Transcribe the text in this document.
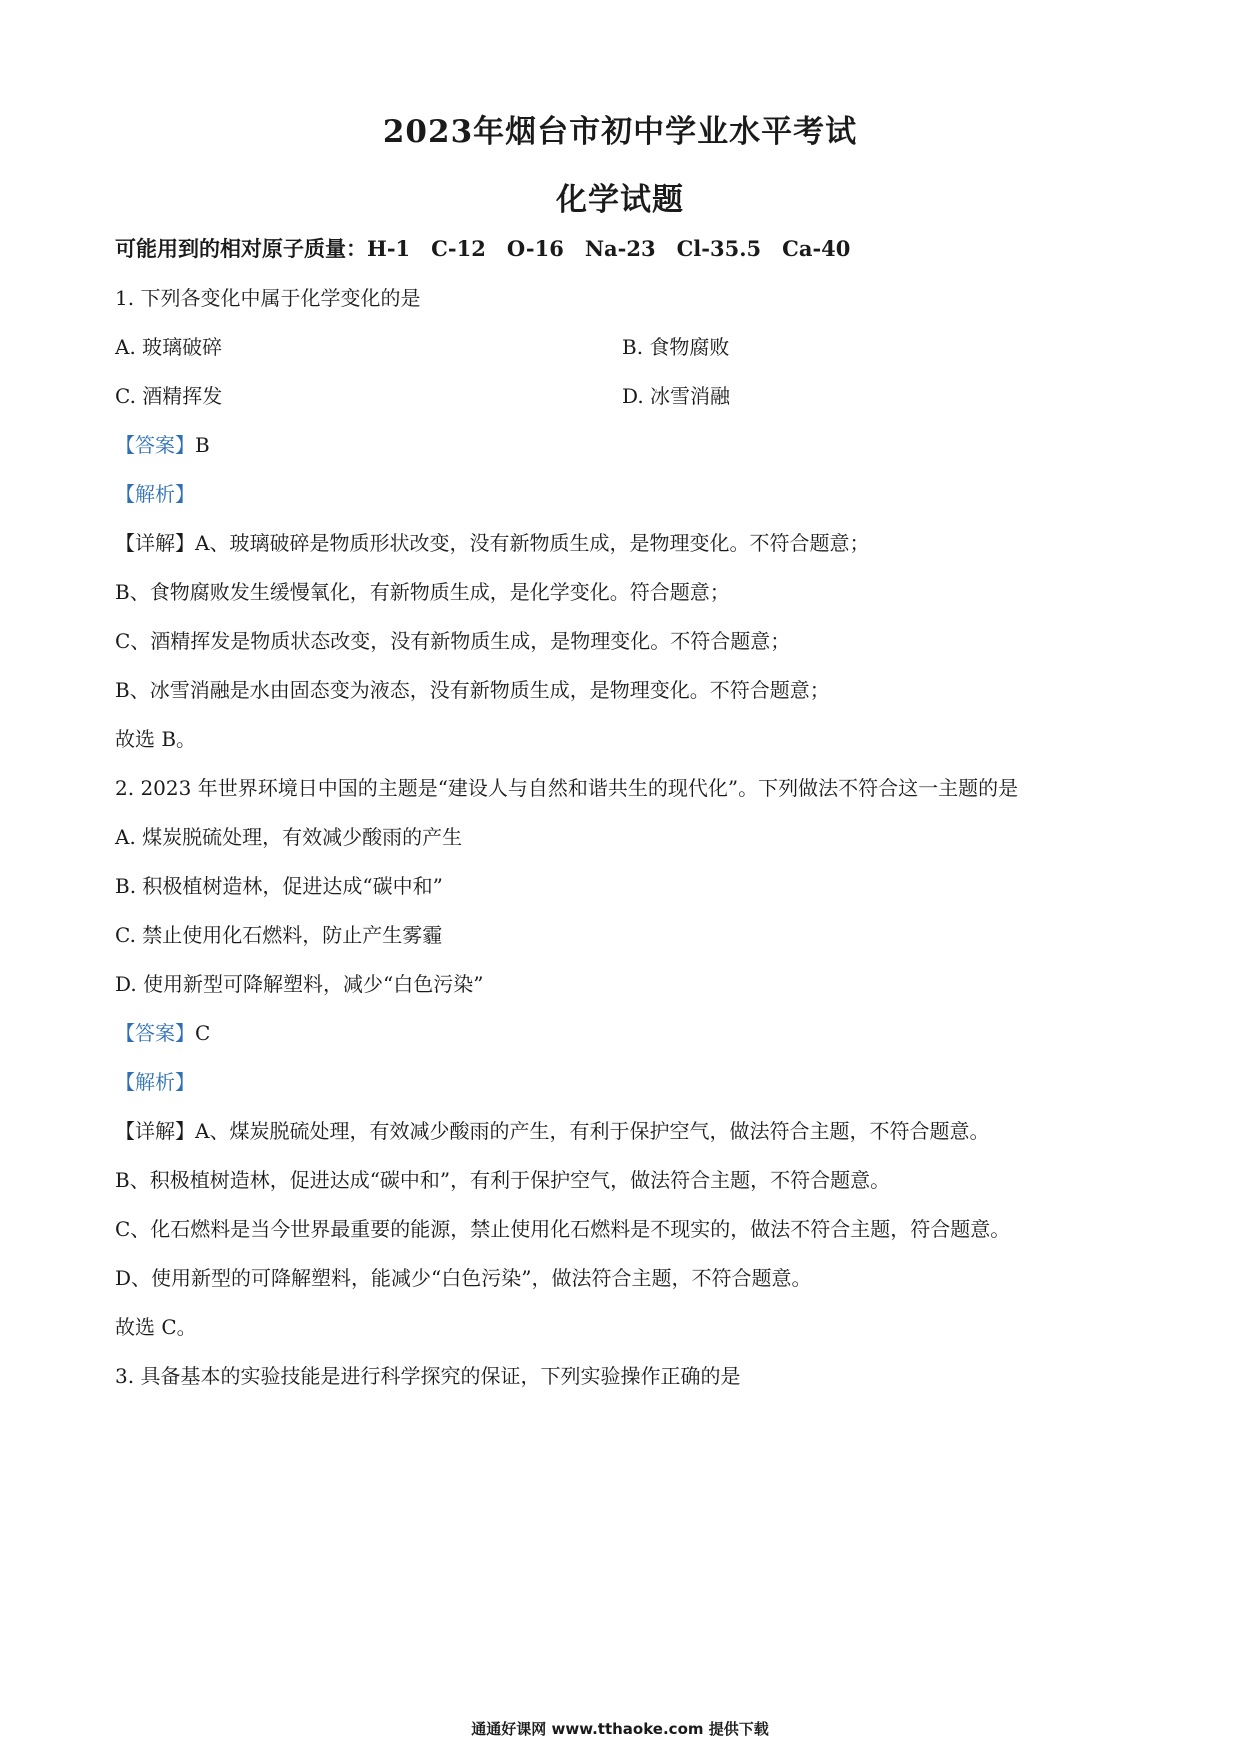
2023年烟台市初中学业水平考试
化学试题
可能用到的相对原子质量：H-1　C-12　O-16　Na-23　Cl-35.5　Ca-40
1. 下列各变化中属于化学变化的是
A. 玻璃破碎	B. 食物腐败
C. 酒精挥发	D. 冰雪消融
【答案】B
【解析】
【详解】A、玻璃破碎是物质形状改变，没有新物质生成，是物理变化。不符合题意；
B、食物腐败发生缓慢氧化，有新物质生成，是化学变化。符合题意；
C、酒精挥发是物质状态改变，没有新物质生成，是物理变化。不符合题意；
B、冰雪消融是水由固态变为液态，没有新物质生成，是物理变化。不符合题意；
故选 B。
2. 2023 年世界环境日中国的主题是“建设人与自然和谐共生的现代化”。下列做法不符合这一主题的是
A. 煤炭脱硫处理，有效减少酸雨的产生
B. 积极植树造林，促进达成“碳中和”
C. 禁止使用化石燃料，防止产生雾霾
D. 使用新型可降解塑料，减少“白色污染”
【答案】C
【解析】
【详解】A、煤炭脱硫处理，有效减少酸雨的产生，有利于保护空气，做法符合主题，不符合题意。
B、积极植树造林，促进达成“碳中和”，有利于保护空气，做法符合主题，不符合题意。
C、化石燃料是当今世界最重要的能源，禁止使用化石燃料是不现实的，做法不符合主题，符合题意。
D、使用新型的可降解塑料，能减少“白色污染”，做法符合主题，不符合题意。
故选 C。
3. 具备基本的实验技能是进行科学探究的保证，下列实验操作正确的是
通通好课网 www.tthaoke.com 提供下载
